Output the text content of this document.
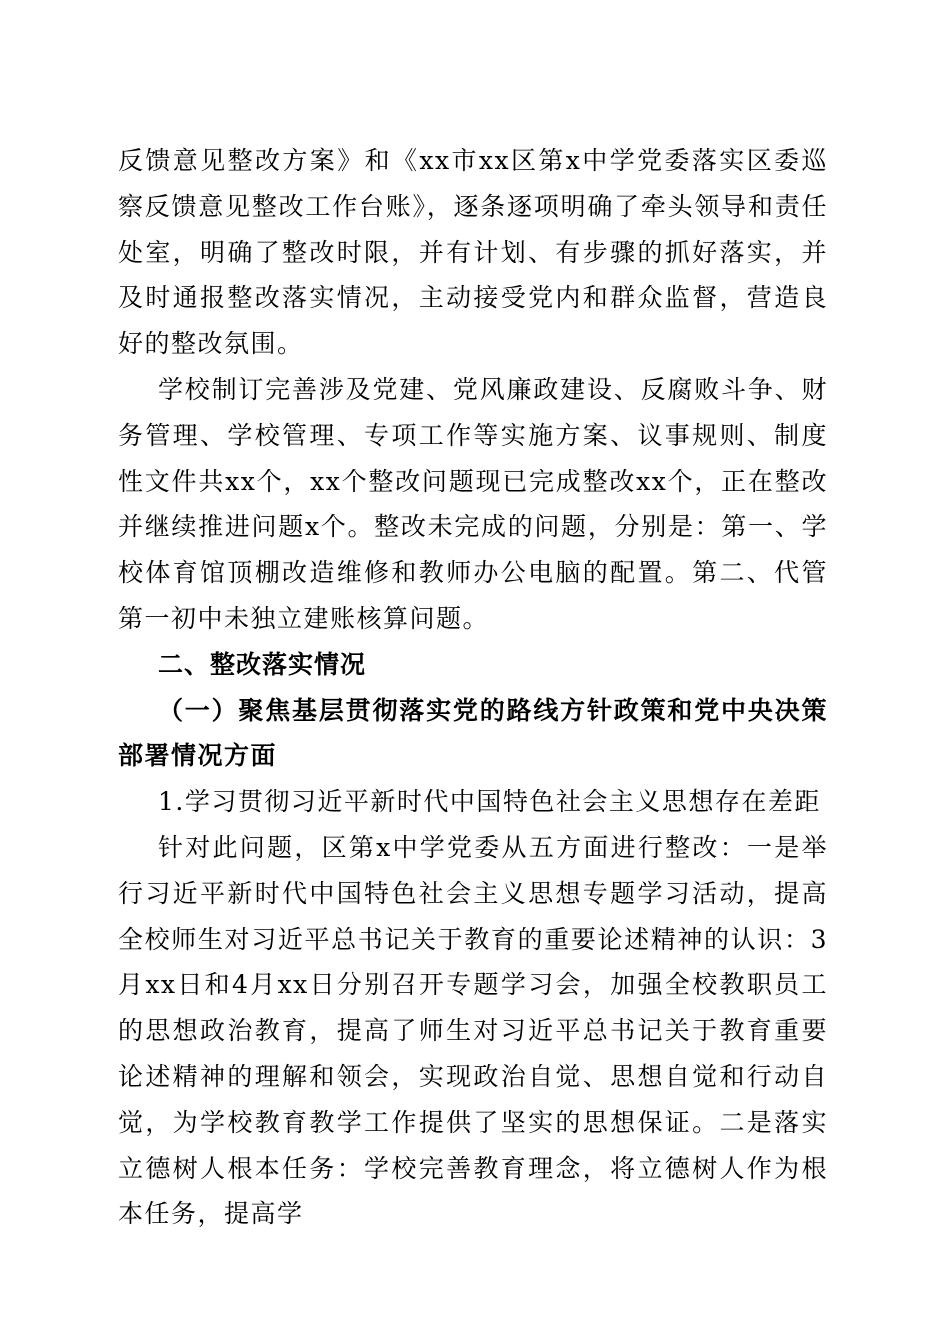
反馈意见整改方案》和《xx市xx区第x中学党委落实区委巡察反馈意见整改工作台账》，逐条逐项明确了牵头领导和责任处室，明确了整改时限，并有计划、有步骤的抓好落实，并及时通报整改落实情况，主动接受党内和群众监督，营造良好的整改氛围。

学校制订完善涉及党建、党风廉政建设、反腐败斗争、财务管理、学校管理、专项工作等实施方案、议事规则、制度性文件共xx个，xx个整改问题现已完成整改xx个，正在整改并继续推进问题x个。整改未完成的问题，分别是：第一、学校体育馆顶棚改造维修和教师办公电脑的配置。第二、代管第一初中未独立建账核算问题。

二、整改落实情况

（一）聚焦基层贯彻落实党的路线方针政策和党中央决策部署情况方面

1.学习贯彻习近平新时代中国特色社会主义思想存在差距

针对此问题，区第x中学党委从五方面进行整改：一是举行习近平新时代中国特色社会主义思想专题学习活动，提高全校师生对习近平总书记关于教育的重要论述精神的认识：3月xx日和4月xx日分别召开专题学习会，加强全校教职员工的思想政治教育，提高了师生对习近平总书记关于教育重要论述精神的理解和领会，实现政治自觉、思想自觉和行动自觉，为学校教育教学工作提供了坚实的思想保证。二是落实立德树人根本任务：学校完善教育理念，将立德树人作为根本任务，提高学
